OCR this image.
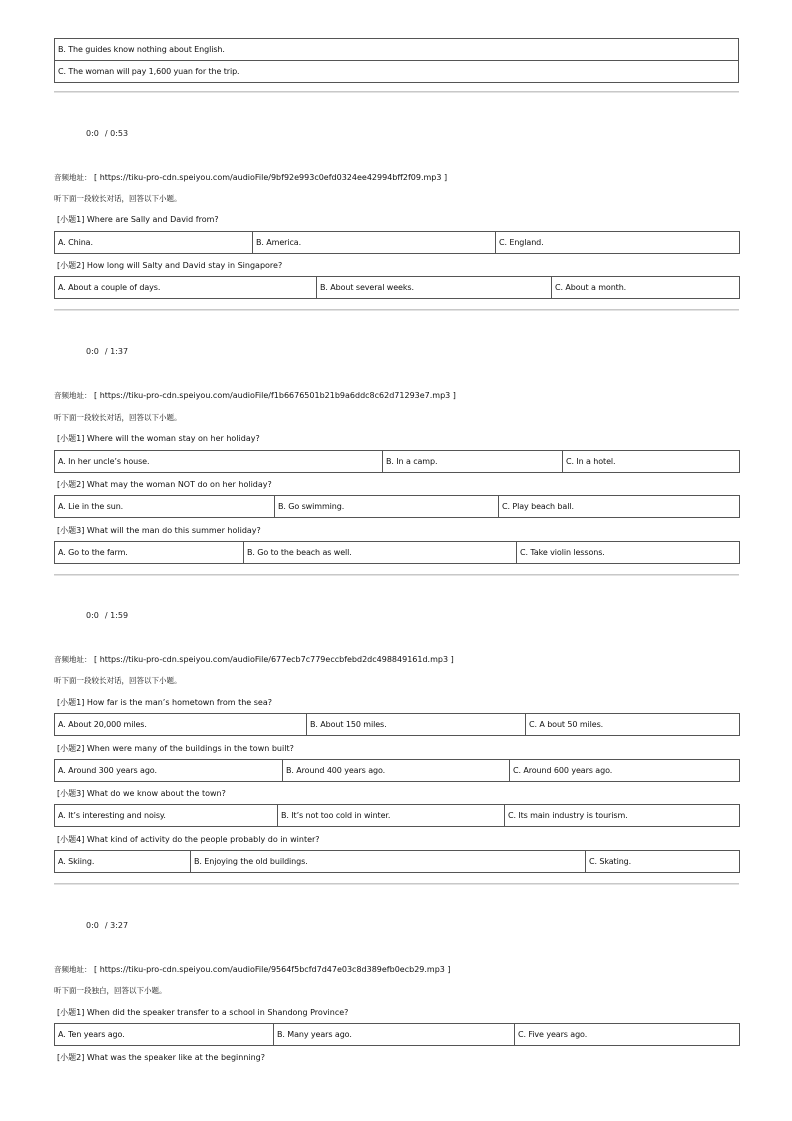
B. The guides know nothing about English.
C. The woman will pay 1,600 yuan for the trip.
0:0 / 0:53
音频地址： [ https://tiku-pro-cdn.speiyou.com/audioFile/9bf92e993c0efd0324ee42994bff2f09.mp3 ]
听下面一段较长对话，回答以下小题。
[小题1] Where are Sally and David from?
A. China.	B. America.	C. England.
[小题2] How long will Salty and David stay in Singapore?
A. About a couple of days.	B. About several weeks.	C. About a month.
0:0 / 1:37
音频地址： [ https://tiku-pro-cdn.speiyou.com/audioFile/f1b6676501b21b9a6ddc8c62d71293e7.mp3 ]
听下面一段较长对话，回答以下小题。
[小题1] Where will the woman stay on her holiday?
A. In her uncle’s house.	B. In a camp.	C. In a hotel.
[小题2] What may the woman NOT do on her holiday?
A. Lie in the sun.	B. Go swimming.	C. Play beach ball.
[小题3] What will the man do this summer holiday?
A. Go to the farm.	B. Go to the beach as well.	C. Take violin lessons.
0:0 / 1:59
音频地址： [ https://tiku-pro-cdn.speiyou.com/audioFile/677ecb7c779eccbfebd2dc498849161d.mp3 ]
听下面一段较长对话，回答以下小题。
[小题1] How far is the man’s hometown from the sea?
A. About 20,000 miles.	B. About 150 miles.	C. A bout 50 miles.
[小题2] When were many of the buildings in the town built?
A. Around 300 years ago.	B. Around 400 years ago.	C. Around 600 years ago.
[小题3] What do we know about the town?
A. It’s interesting and noisy.	B. It’s not too cold in winter.	C. Its main industry is tourism.
[小题4] What kind of activity do the people probably do in winter?
A. Skiing.	B. Enjoying the old buildings.	C. Skating.
0:0 / 3:27
音频地址： [ https://tiku-pro-cdn.speiyou.com/audioFile/9564f5bcfd7d47e03c8d389efb0ecb29.mp3 ]
听下面一段独白，回答以下小题。
[小题1] When did the speaker transfer to a school in Shandong Province?
A. Ten years ago.	B. Many years ago.	C. Five years ago.
[小题2] What was the speaker like at the beginning?
